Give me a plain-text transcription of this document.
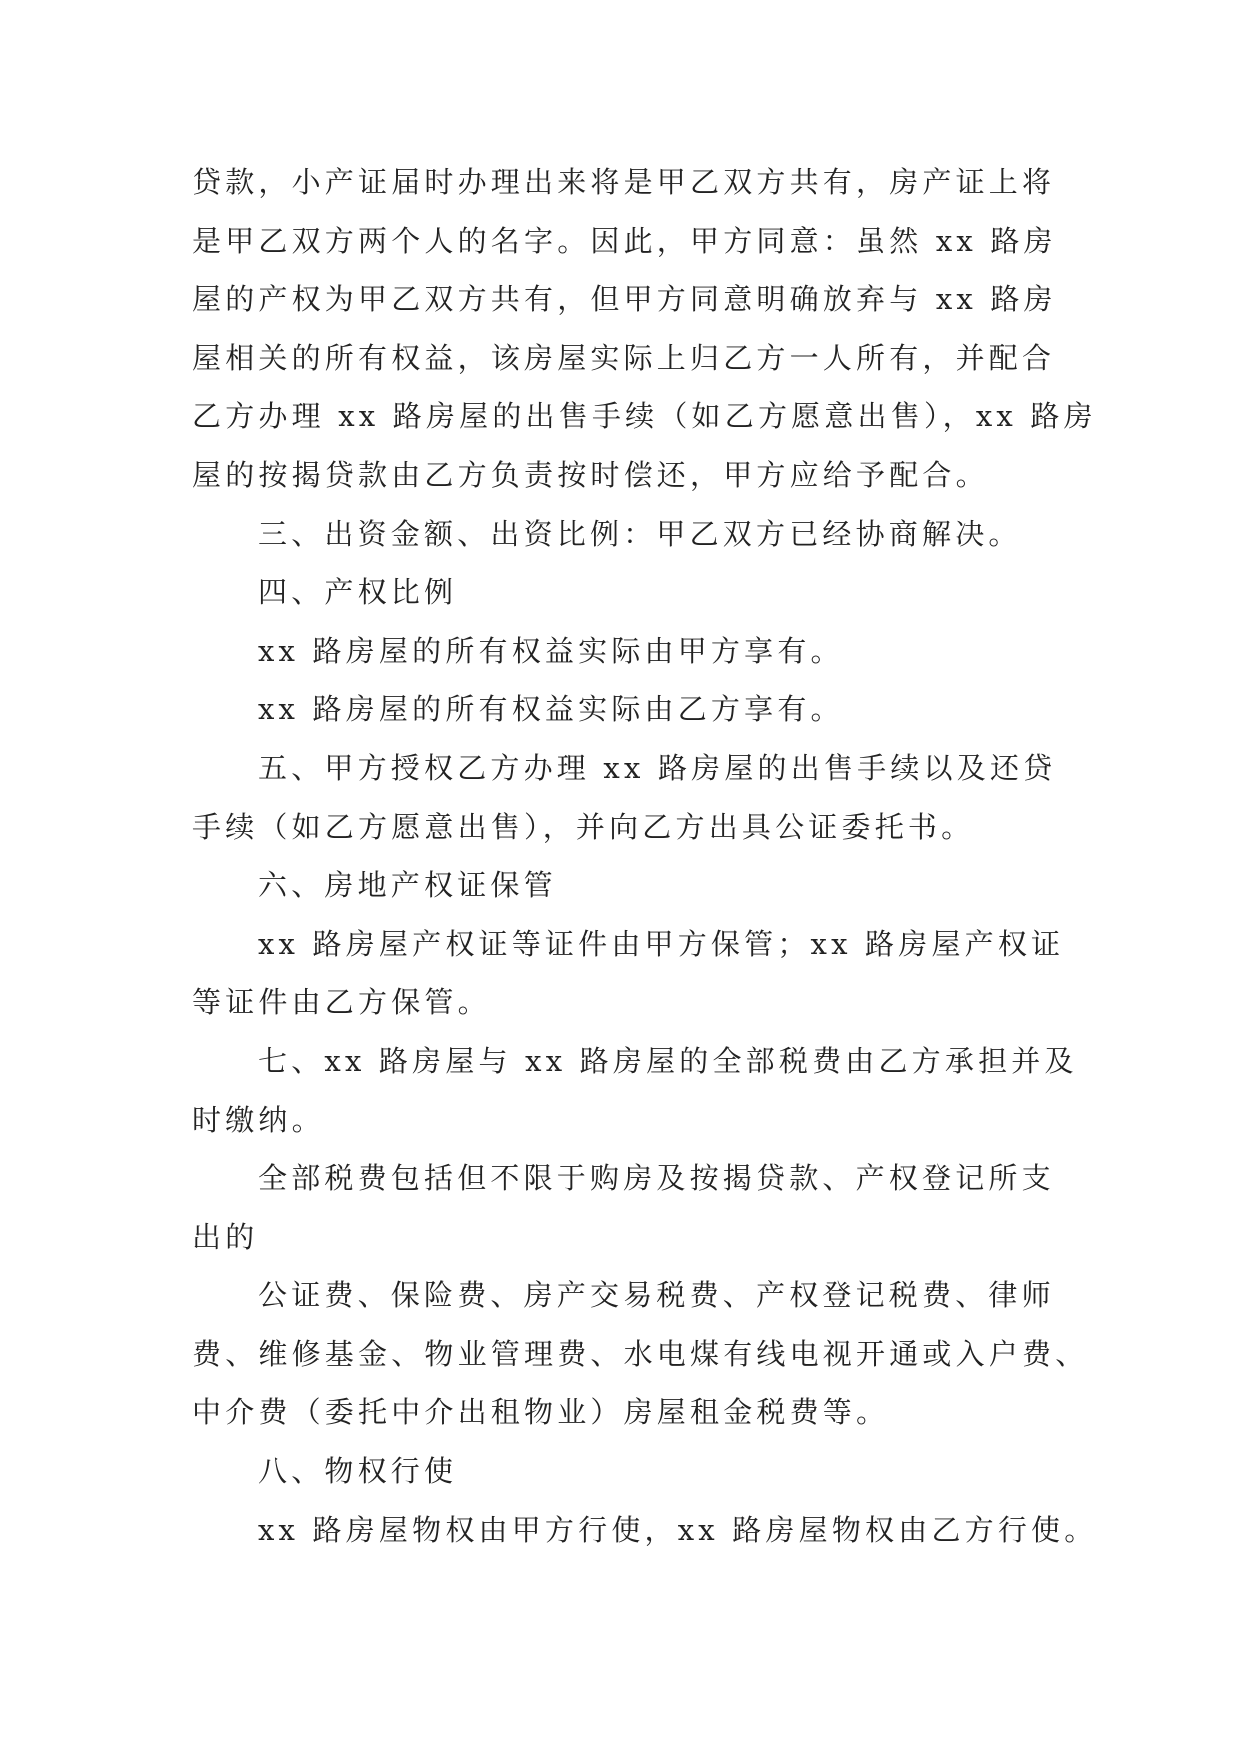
贷款，小产证届时办理出来将是甲乙双方共有，房产证上将
是甲乙双方两个人的名字。因此，甲方同意：虽然 xx 路房
屋的产权为甲乙双方共有，但甲方同意明确放弃与 xx 路房
屋相关的所有权益，该房屋实际上归乙方一人所有，并配合
乙方办理 xx 路房屋的出售手续（如乙方愿意出售），xx 路房
屋的按揭贷款由乙方负责按时偿还，甲方应给予配合。
三、出资金额、出资比例：甲乙双方已经协商解决。
四、产权比例
xx 路房屋的所有权益实际由甲方享有。
xx 路房屋的所有权益实际由乙方享有。
五、甲方授权乙方办理 xx 路房屋的出售手续以及还贷
手续（如乙方愿意出售），并向乙方出具公证委托书。
六、房地产权证保管
xx 路房屋产权证等证件由甲方保管；xx 路房屋产权证
等证件由乙方保管。
七、xx 路房屋与 xx 路房屋的全部税费由乙方承担并及
时缴纳。
全部税费包括但不限于购房及按揭贷款、产权登记所支
出的
公证费、保险费、房产交易税费、产权登记税费、律师
费、维修基金、物业管理费、水电煤有线电视开通或入户费、
中介费（委托中介出租物业）房屋租金税费等。
八、物权行使
xx 路房屋物权由甲方行使，xx 路房屋物权由乙方行使。
